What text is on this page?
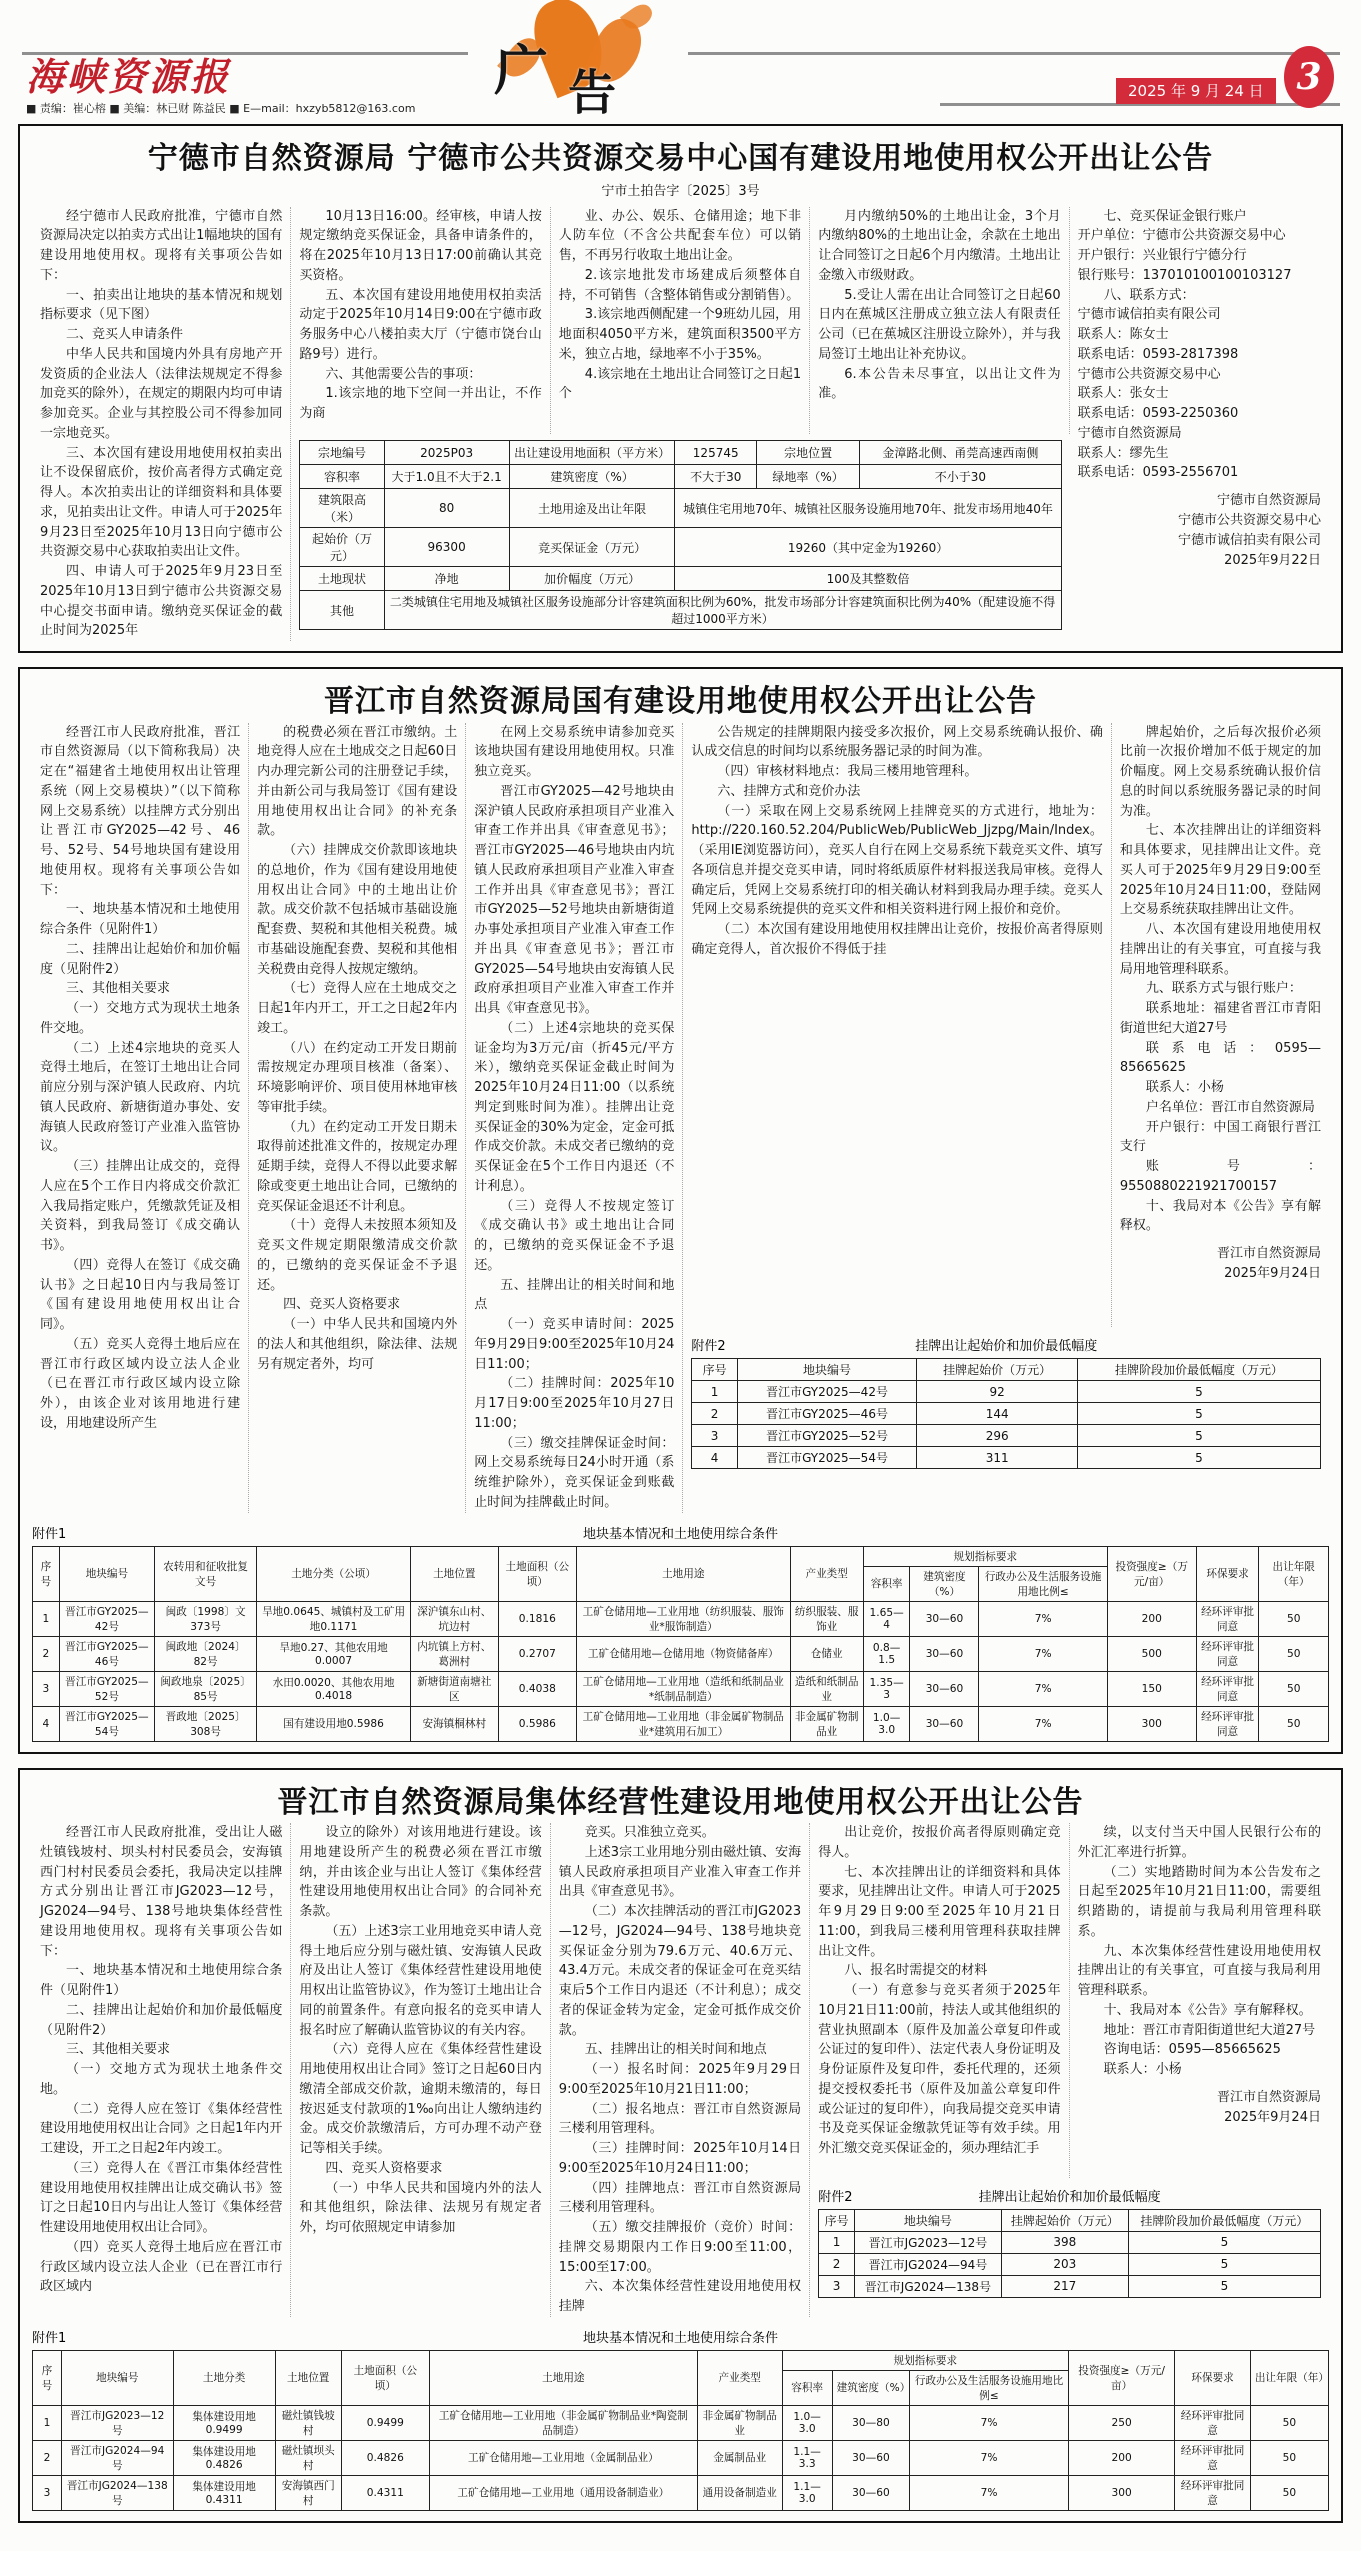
海峡资源报
■ 责编：崔心榕 ■ 美编：林已财 陈益民 ■ E—mail：hxzyb5812@163.com
广 告	2025 年 9 月 24 日 3
宁德市自然资源局 宁德市公共资源交易中心国有建设用地使用权公开出让公告
宁市土拍告字〔2025〕3号

经宁德市人民政府批准，宁德市自然资源局决定以拍卖方式出让1幅地块的国有建设用地使用权。现将有关事项公告如下：

一、拍卖出让地块的基本情况和规划指标要求（见下图）

二、竞买人申请条件

中华人民共和国境内外具有房地产开发资质的企业法人（法律法规规定不得参加竞买的除外），在规定的期限内均可申请参加竞买。企业与其控股公司不得参加同一宗地竞买。

三、本次国有建设用地使用权拍卖出让不设保留底价，按价高者得方式确定竞得人。本次拍卖出让的详细资料和具体要求，见拍卖出让文件。申请人可于2025年9月23日至2025年10月13日向宁德市公共资源交易中心获取拍卖出让文件。

四、申请人可于2025年9月23日至2025年10月13日到宁德市公共资源交易中心提交书面申请。缴纳竞买保证金的截止时间为2025年

10月13日16:00。经审核，申请人按规定缴纳竞买保证金，具备申请条件的，将在2025年10月13日17:00前确认其竞买资格。

五、本次国有建设用地使用权拍卖活动定于2025年10月14日9:00在宁德市政务服务中心八楼拍卖大厅（宁德市饶台山路9号）进行。

六、其他需要公告的事项：

1.该宗地的地下空间一并出让，不作为商

业、办公、娱乐、仓储用途；地下非人防车位（不含公共配套车位）可以销售，不再另行收取土地出让金。

2.该宗地批发市场建成后须整体自持，不可销售（含整体销售或分割销售）。

3.该宗地西侧配建一个9班幼儿园，用地面积4050平方米，建筑面积3500平方米，独立占地，绿地率不小于35%。

4.该宗地在土地出让合同签订之日起1个

月内缴纳50%的土地出让金，3个月内缴纳80%的土地出让金，余款在土地出让合同签订之日起6个月内缴清。土地出让金缴入市级财政。

5.受让人需在出让合同签订之日起60日内在蕉城区注册成立独立法人有限责任公司（已在蕉城区注册设立除外），并与我局签订土地出让补充协议。

6.本公告未尽事宜，以出让文件为准。

七、竞买保证金银行账户

开户单位：宁德市公共资源交易中心

开户银行：兴业银行宁德分行

银行账号：137010100100103127

八、联系方式：

宁德市诚信拍卖有限公司

联系人：陈女士

联系电话：0593-2817398

宁德市公共资源交易中心

联系人：张女士

联系电话：0593-2250360

宁德市自然资源局

联系人：缪先生

联系电话：0593-2556701

宁德市自然资源局

宁德市公共资源交易中心

宁德市诚信拍卖有限公司

2025年9月22日

宗地编号	2025P03	出让建设用地面积（平方米）	125745	宗地位置	金漳路北侧、甬莞高速西南侧
容积率	大于1.0且不大于2.1	建筑密度（%）	不大于30	绿地率（%）	不小于30
建筑限高（米）	80	土地用途及出让年限	城镇住宅用地70年、城镇社区服务设施用地70年、批发市场用地40年		
起始价（万元）	96300	竞买保证金（万元）	19260（其中定金为19260）		
土地现状	净地	加价幅度（万元）	100及其整数倍		
其他	二类城镇住宅用地及城镇社区服务设施部分计容建筑面积比例为60%，批发市场部分计容建筑面积比例为40%（配建设施不得超过1000平方米）				
晋江市自然资源局国有建设用地使用权公开出让公告

经晋江市人民政府批准，晋江市自然资源局（以下简称我局）决定在“福建省土地使用权出让管理系统（网上交易模块）”（以下简称网上交易系统）以挂牌方式分别出让晋江市GY2025—42号、46号、52号、54号地块国有建设用地使用权。现将有关事项公告如下：

一、地块基本情况和土地使用综合条件（见附件1）

二、挂牌出让起始价和加价幅度（见附件2）

三、其他相关要求

（一）交地方式为现状土地条件交地。

（二）上述4宗地块的竞买人竞得土地后，在签订土地出让合同前应分别与深沪镇人民政府、内坑镇人民政府、新塘街道办事处、安海镇人民政府签订产业准入监管协议。

（三）挂牌出让成交的，竞得人应在5个工作日内将成交价款汇入我局指定账户，凭缴款凭证及相关资料，到我局签订《成交确认书》。

（四）竞得人在签订《成交确认书》之日起10日内与我局签订《国有建设用地使用权出让合同》。

（五）竞买人竞得土地后应在晋江市行政区域内设立法人企业（已在晋江市行政区域内设立除外），由该企业对该用地进行建设，用地建设所产生

的税费必须在晋江市缴纳。土地竞得人应在土地成交之日起60日内办理完新公司的注册登记手续，并由新公司与我局签订《国有建设用地使用权出让合同》的补充条款。

（六）挂牌成交价款即该地块的总地价，作为《国有建设用地使用权出让合同》中的土地出让价款。成交价款不包括城市基础设施配套费、契税和其他相关税费。城市基础设施配套费、契税和其他相关税费由竞得人按规定缴纳。

（七）竞得人应在土地成交之日起1年内开工，开工之日起2年内竣工。

（八）在约定动工开发日期前需按规定办理项目核准（备案）、环境影响评价、项目使用林地审核等审批手续。

（九）在约定动工开发日期未取得前述批准文件的，按规定办理延期手续，竞得人不得以此要求解除或变更土地出让合同，已缴纳的竞买保证金退还不计利息。

（十）竞得人未按照本须知及竞买文件规定期限缴清成交价款的，已缴纳的竞买保证金不予退还。

四、竞买人资格要求

（一）中华人民共和国境内外的法人和其他组织，除法律、法规另有规定者外，均可

在网上交易系统申请参加竞买该地块国有建设用地使用权。只准独立竞买。

晋江市GY2025—42号地块由深沪镇人民政府承担项目产业准入审查工作并出具《审查意见书》；晋江市GY2025—46号地块由内坑镇人民政府承担项目产业准入审查工作并出具《审查意见书》；晋江市GY2025—52号地块由新塘街道办事处承担项目产业准入审查工作并出具《审查意见书》；晋江市GY2025—54号地块由安海镇人民政府承担项目产业准入审查工作并出具《审查意见书》。

（二）上述4宗地块的竞买保证金均为3万元/亩（折45元/平方米），缴纳竞买保证金截止时间为2025年10月24日11:00（以系统判定到账时间为准）。挂牌出让竞买保证金的30%为定金，定金可抵作成交价款。未成交者已缴纳的竞买保证金在5个工作日内退还（不计利息）。

（三）竞得人不按规定签订《成交确认书》或土地出让合同的，已缴纳的竞买保证金不予退还。

五、挂牌出让的相关时间和地点

（一）竞买申请时间：2025年9月29日9:00至2025年10月24日11:00；

（二）挂牌时间：2025年10月17日9:00至2025年10月27日11:00；

（三）缴交挂牌保证金时间：网上交易系统每日24小时开通（系统维护除外），竞买保证金到账截止时间为挂牌截止时间。

公告规定的挂牌期限内接受多次报价，网上交易系统确认报价、确认成交信息的时间均以系统服务器记录的时间为准。

（四）审核材料地点：我局三楼用地管理科。

六、挂牌方式和竞价办法

（一）采取在网上交易系统网上挂牌竞买的方式进行，地址为：http://220.160.52.204/PublicWeb/PublicWeb_Jjzpg/Main/Index。（采用IE浏览器访问），竞买人自行在网上交易系统下载竞买文件、填写各项信息并提交竞买申请，同时将纸质原件材料报送我局审核。竞得人确定后，凭网上交易系统打印的相关确认材料到我局办理手续。竞买人凭网上交易系统提供的竞买文件和相关资料进行网上报价和竞价。

（二）本次国有建设用地使用权挂牌出让竞价，按报价高者得原则确定竞得人，首次报价不得低于挂

牌起始价，之后每次报价必须比前一次报价增加不低于规定的加价幅度。网上交易系统确认报价信息的时间以系统服务器记录的时间为准。

七、本次挂牌出让的详细资料和具体要求，见挂牌出让文件。竞买人可于2025年9月29日9:00至2025年10月24日11:00，登陆网上交易系统获取挂牌出让文件。

八、本次国有建设用地使用权挂牌出让的有关事宜，可直接与我局用地管理科联系。

九、联系方式与银行账户：

联系地址：福建省晋江市青阳街道世纪大道27号

联系电话：0595—85665625

联系人：小杨

户名单位：晋江市自然资源局

开户银行：中国工商银行晋江支行

账号：9550880221921700157

十、我局对本《公告》享有解释权。

晋江市自然资源局

2025年9月24日

附件2	挂牌出让起始价和加价最低幅度
序号	地块编号	挂牌起始价（万元）	挂牌阶段加价最低幅度（万元）
1	晋江市GY2025—42号	92	5
2	晋江市GY2025—46号	144	5
3	晋江市GY2025—52号	296	5
4	晋江市GY2025—54号	311	5
附件1	地块基本情况和土地使用综合条件
序号	地块编号	农转用和征收批复文号	土地分类（公顷）	土地位置	土地面积（公顷）	土地用途	产业类型	规划指标要求			投资强度≥（万元/亩）	环保要求	出让年限（年）
								容积率	建筑密度（%）	行政办公及生活服务设施用地比例≤			
1	晋江市GY2025—42号	闽政〔1998〕文373号	旱地0.0645、城镇村及工矿用地0.1171	深沪镇东山村、坑边村	0.1816	工矿仓储用地—工业用地（纺织服装、服饰业*服饰制造）	纺织服装、服饰业	1.65—4	30—60	7%	200	经环评审批同意	50
2	晋江市GY2025—46号	闽政地〔2024〕82号	旱地0.27、其他农用地0.0007	内坑镇上方村、葛洲村	0.2707	工矿仓储用地—仓储用地（物资储备库）	仓储业	0.8—1.5	30—60	7%	500	经环评审批同意	50
3	晋江市GY2025—52号	闽政地泉〔2025〕85号	水田0.0020、其他农用地0.4018	新塘街道南塘社区	0.4038	工矿仓储用地—工业用地（造纸和纸制品业*纸制品制造）	造纸和纸制品业	1.35—3	30—60	7%	150	经环评审批同意	50
4	晋江市GY2025—54号	晋政地〔2025〕308号	国有建设用地0.5986	安海镇桐林村	0.5986	工矿仓储用地—工业用地（非金属矿物制品业*建筑用石加工）	非金属矿物制品业	1.0—3.0	30—60	7%	300	经环评审批同意	50
晋江市自然资源局集体经营性建设用地使用权公开出让公告

经晋江市人民政府批准，受出让人磁灶镇钱坡村、坝头村村民委员会，安海镇西门村村民委员会委托，我局决定以挂牌方式分别出让晋江市JG2023—12号，JG2024—94号、138号地块集体经营性建设用地使用权。现将有关事项公告如下：

一、地块基本情况和土地使用综合条件（见附件1）

二、挂牌出让起始价和加价最低幅度（见附件2）

三、其他相关要求

（一）交地方式为现状土地条件交地。

（二）竞得人应在签订《集体经营性建设用地使用权出让合同》之日起1年内开工建设，开工之日起2年内竣工。

（三）竞得人在《晋江市集体经营性建设用地使用权挂牌出让成交确认书》签订之日起10日内与出让人签订《集体经营性建设用地使用权出让合同》。

（四）竞买人竞得土地后应在晋江市行政区域内设立法人企业（已在晋江市行政区域内

设立的除外）对该用地进行建设。该用地建设所产生的税费必须在晋江市缴纳，并由该企业与出让人签订《集体经营性建设用地使用权出让合同》的合同补充条款。

（五）上述3宗工业用地竞买申请人竞得土地后应分别与磁灶镇、安海镇人民政府及出让人签订《集体经营性建设用地使用权出让监管协议》，作为签订土地出让合同的前置条件。有意向报名的竞买申请人报名时应了解确认监管协议的有关内容。

（六）竞得人应在《集体经营性建设用地使用权出让合同》签订之日起60日内缴清全部成交价款，逾期未缴清的，每日按迟延支付款项的1‰向出让人缴纳违约金。成交价款缴清后，方可办理不动产登记等相关手续。

四、竞买人资格要求

（一）中华人民共和国境内外的法人和其他组织，除法律、法规另有规定者外，均可依照规定申请参加

竞买。只准独立竞买。

上述3宗工业用地分别由磁灶镇、安海镇人民政府承担项目产业准入审查工作并出具《审查意见书》。

（二）本次挂牌活动的晋江市JG2023—12号，JG2024—94号、138号地块竞买保证金分别为79.6万元、40.6万元、43.4万元。未成交者的保证金可在竞买结束后5个工作日内退还（不计利息）；成交者的保证金转为定金，定金可抵作成交价款。

五、挂牌出让的相关时间和地点

（一）报名时间：2025年9月29日9:00至2025年10月21日11:00；

（二）报名地点：晋江市自然资源局三楼利用管理科。

（三）挂牌时间：2025年10月14日9:00至2025年10月24日11:00；

（四）挂牌地点：晋江市自然资源局三楼利用管理科。

（五）缴交挂牌报价（竞价）时间：挂牌交易期限内工作日9:00至11:00，15:00至17:00。

六、本次集体经营性建设用地使用权挂牌

出让竞价，按报价高者得原则确定竞得人。

七、本次挂牌出让的详细资料和具体要求，见挂牌出让文件。申请人可于2025年9月29日9:00至2025年10月21日11:00，到我局三楼利用管理科获取挂牌出让文件。

八、报名时需提交的材料

（一）有意参与竞买者须于2025年10月21日11:00前，持法人或其他组织的营业执照副本（原件及加盖公章复印件或公证过的复印件）、法定代表人身份证明及身份证原件及复印件，委托代理的，还须提交授权委托书（原件及加盖公章复印件或公证过的复印件），向我局提交竞买申请书及竞买保证金缴款凭证等有效手续。用外汇缴交竞买保证金的，须办理结汇手

续，以支付当天中国人民银行公布的外汇汇率进行折算。

（二）实地踏勘时间为本公告发布之日起至2025年10月21日11:00，需要组织踏勘的，请提前与我局利用管理科联系。

九、本次集体经营性建设用地使用权挂牌出让的有关事宜，可直接与我局利用管理科联系。

十、我局对本《公告》享有解释权。

地址：晋江市青阳街道世纪大道27号

咨询电话：0595—85665625

联系人：小杨

晋江市自然资源局

2025年9月24日

附件2	挂牌出让起始价和加价最低幅度
序号	地块编号	挂牌起始价（万元）	挂牌阶段加价最低幅度（万元）
1	晋江市JG2023—12号	398	5
2	晋江市JG2024—94号	203	5
3	晋江市JG2024—138号	217	5
附件1	地块基本情况和土地使用综合条件
序号	地块编号	土地分类	土地位置	土地面积（公顷）	土地用途	产业类型	规划指标要求			投资强度≥（万元/亩）	环保要求	出让年限（年）
							容积率	建筑密度（%）	行政办公及生活服务设施用地比例≤			
1	晋江市JG2023—12号	集体建设用地0.9499	磁灶镇钱坡村	0.9499	工矿仓储用地—工业用地（非金属矿物制品业*陶瓷制品制造）	非金属矿物制品业	1.0—3.0	30—80	7%	250	经环评审批同意	50
2	晋江市JG2024—94号	集体建设用地0.4826	磁灶镇坝头村	0.4826	工矿仓储用地—工业用地（金属制品业）	金属制品业	1.1—3.3	30—60	7%	200	经环评审批同意	50
3	晋江市JG2024—138号	集体建设用地0.4311	安海镇西门村	0.4311	工矿仓储用地—工业用地（通用设备制造业）	通用设备制造业	1.1—3.0	30—60	7%	300	经环评审批同意	50
